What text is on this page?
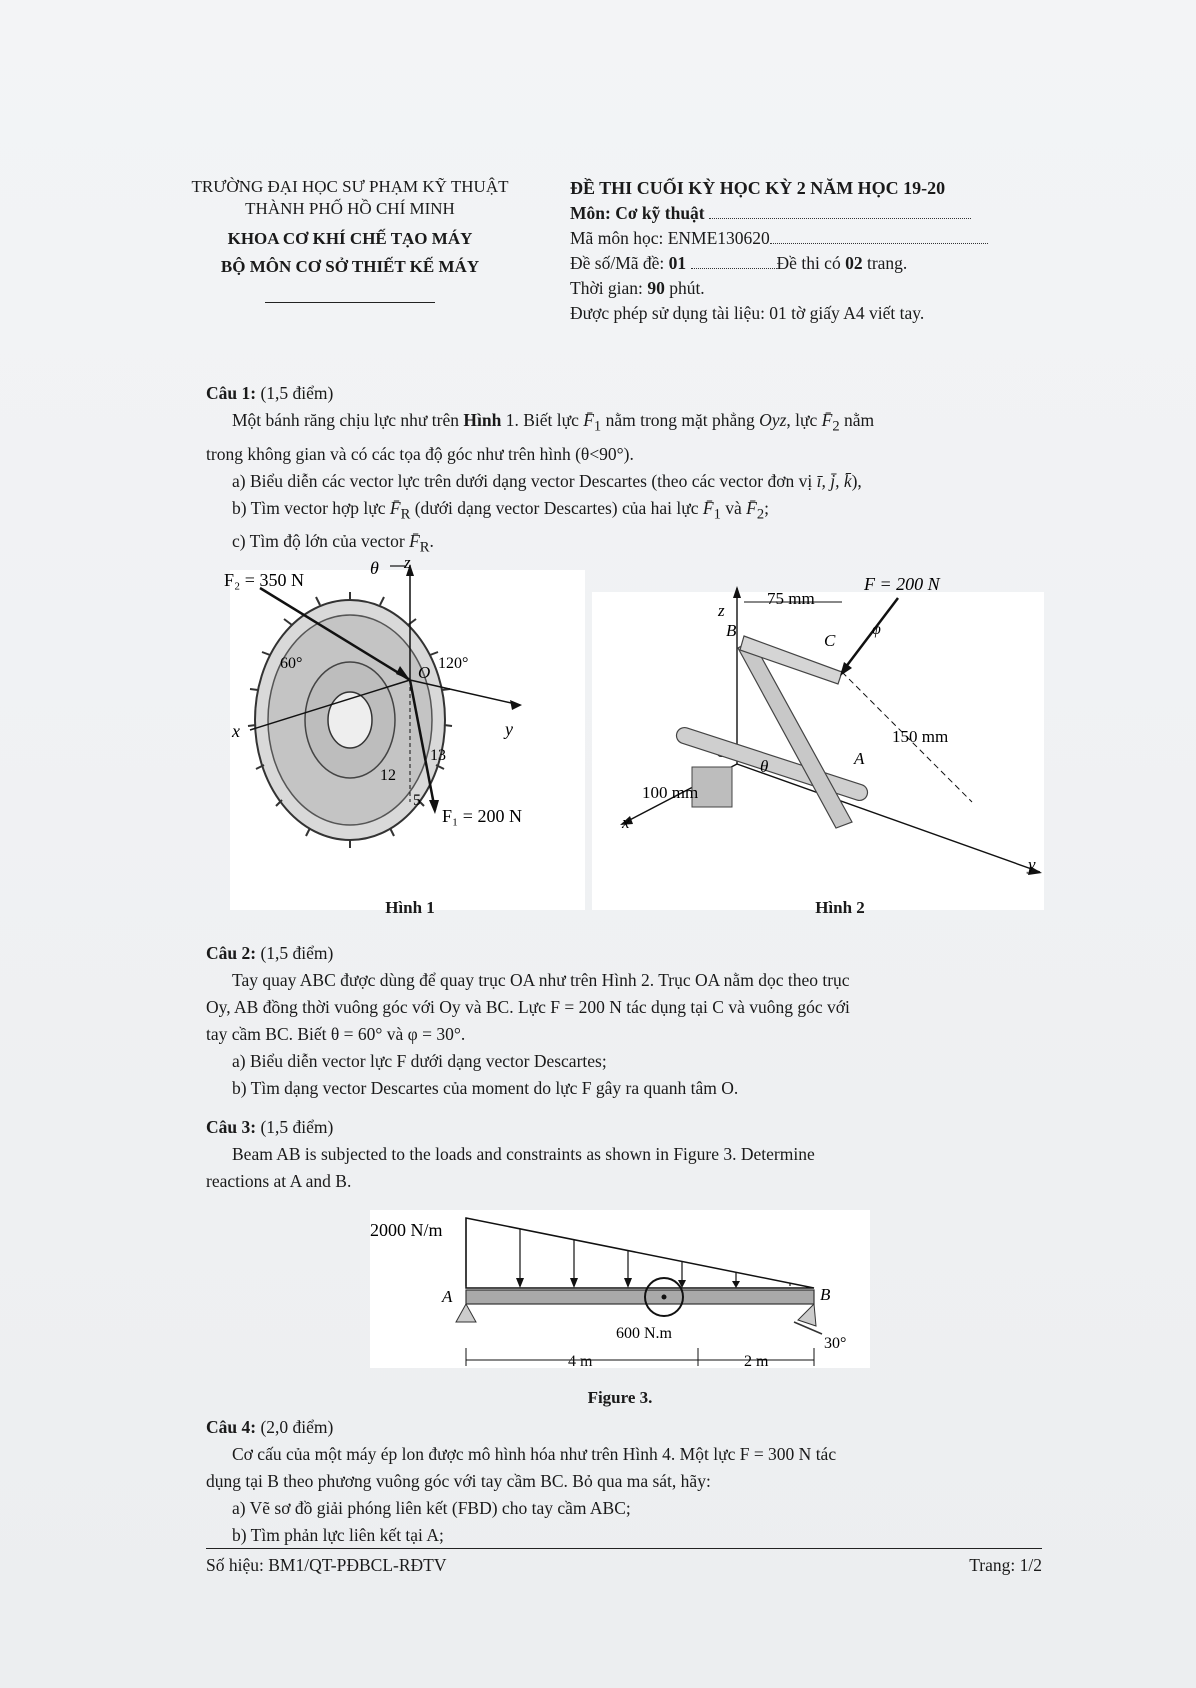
TRƯỜNG ĐẠI HỌC SƯ PHẠM KỸ THUẬT
THÀNH PHỐ HỒ CHÍ MINH
KHOA CƠ KHÍ CHẾ TẠO MÁY
BỘ MÔN CƠ SỞ THIẾT KẾ MÁY
ĐỀ THI CUỐI KỲ HỌC KỲ 2 NĂM HỌC 19-20
Môn: Cơ kỹ thuật
Mã môn học: ENME130620
Đề số/Mã đề: 01	Đề thi có 02 trang.
Thời gian: 90 phút.
Được phép sử dụng tài liệu: 01 tờ giấy A4 viết tay.
Câu 1: (1,5 điểm)
Một bánh răng chịu lực như trên Hình 1. Biết lực $F̄_1$ nằm trong mặt phẳng Oyz, lực $F̄_2$ nằm
trong không gian và có các tọa độ góc như trên hình (θ<90°).
a) Biểu diễn các vector lực trên dưới dạng vector Descartes (theo các vector đơn vị ī, j̄, k̄),
b) Tìm vector hợp lực $F̄_R$ (dưới dạng vector Descartes) của hai lực $F̄_1$ và $F̄_2$;
c) Tìm độ lớn của vector $F̄_R$.
z
y
x
O
F₂ = 350 N
60°	120°
θ
F₁ = 200 N
13
12
5
Hình 1
z
y
x
F = 200 N
φ
75 mm
150 mm
100 mm
B
C
A
θ
Hình 2
Câu 2: (1,5 điểm)
Tay quay ABC được dùng để quay trục OA như trên Hình 2. Trục OA nằm dọc theo trục
Oy, AB đồng thời vuông góc với Oy và BC. Lực F = 200 N tác dụng tại C và vuông góc với
tay cầm BC. Biết θ = 60° và φ = 30°.
a) Biểu diễn vector lực F dưới dạng vector Descartes;
b) Tìm dạng vector Descartes của moment do lực F gây ra quanh tâm O.
Câu 3: (1,5 điểm)
Beam AB is subjected to the loads and constraints as shown in Figure 3. Determine
reactions at A and B.
2000 N/m
A	B
30°
600 N.m
4 m	2 m
Figure 3.
Câu 4: (2,0 điểm)
Cơ cấu của một máy ép lon được mô hình hóa như trên Hình 4. Một lực F = 300 N tác
dụng tại B theo phương vuông góc với tay cầm BC. Bỏ qua ma sát, hãy:
a) Vẽ sơ đồ giải phóng liên kết (FBD) cho tay cầm ABC;
b) Tìm phản lực liên kết tại A;
Số hiệu: BM1/QT-PĐBCL-RĐTV	Trang: 1/2
